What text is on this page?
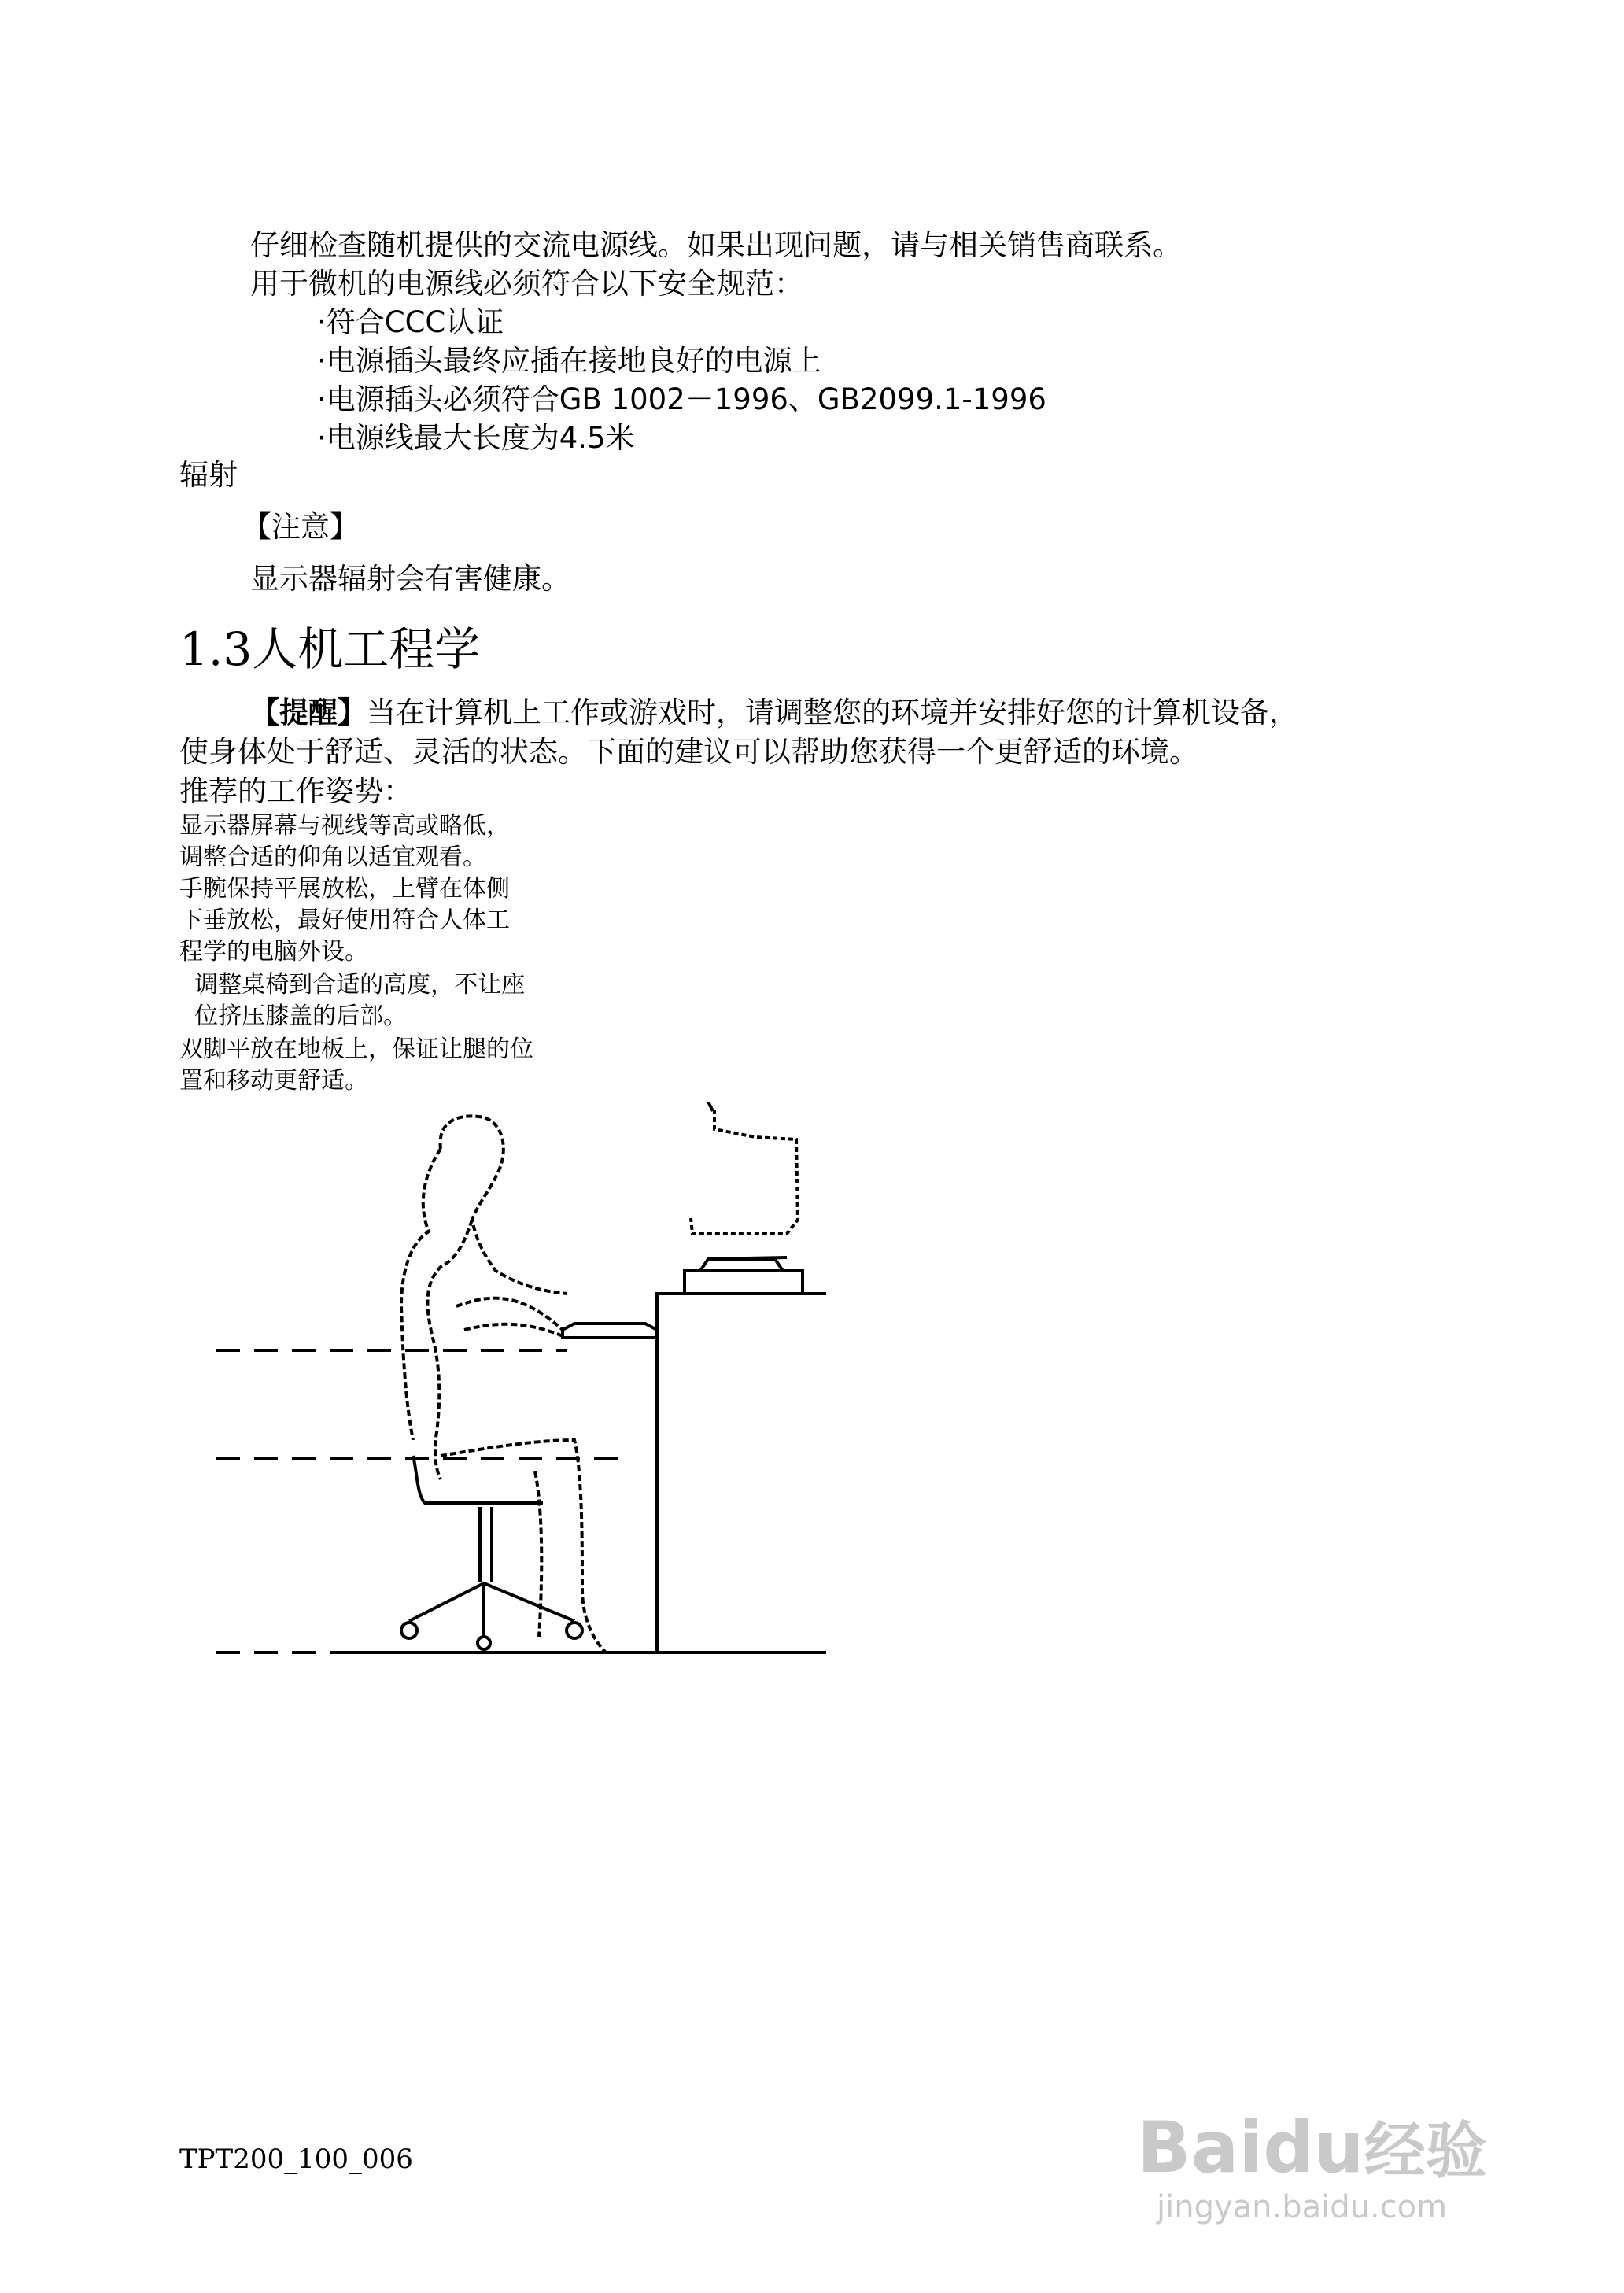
仔细检查随机提供的交流电源线。如果出现问题，请与相关销售商联系。
用于微机的电源线必须符合以下安全规范：
·符合CCC认证
·电源插头最终应插在接地良好的电源上
·电源插头必须符合GB 1002－1996、GB2099.1-1996
·电源线最大长度为4.5米
辐射
【注意】
显示器辐射会有害健康。
1.3人机工程学
【提醒】当在计算机上工作或游戏时，请调整您的环境并安排好您的计算机设备，
使身体处于舒适、灵活的状态。下面的建议可以帮助您获得一个更舒适的环境。
推荐的工作姿势：
显示器屏幕与视线等高或略低，
调整合适的仰角以适宜观看。
手腕保持平展放松，上臂在体侧
下垂放松，最好使用符合人体工
程学的电脑外设。
调整桌椅到合适的高度，不让座
位挤压膝盖的后部。
双脚平放在地板上，保证让腿的位
置和移动更舒适。
TPT200_100_006	Baidu经验
jingyan.baidu.com
